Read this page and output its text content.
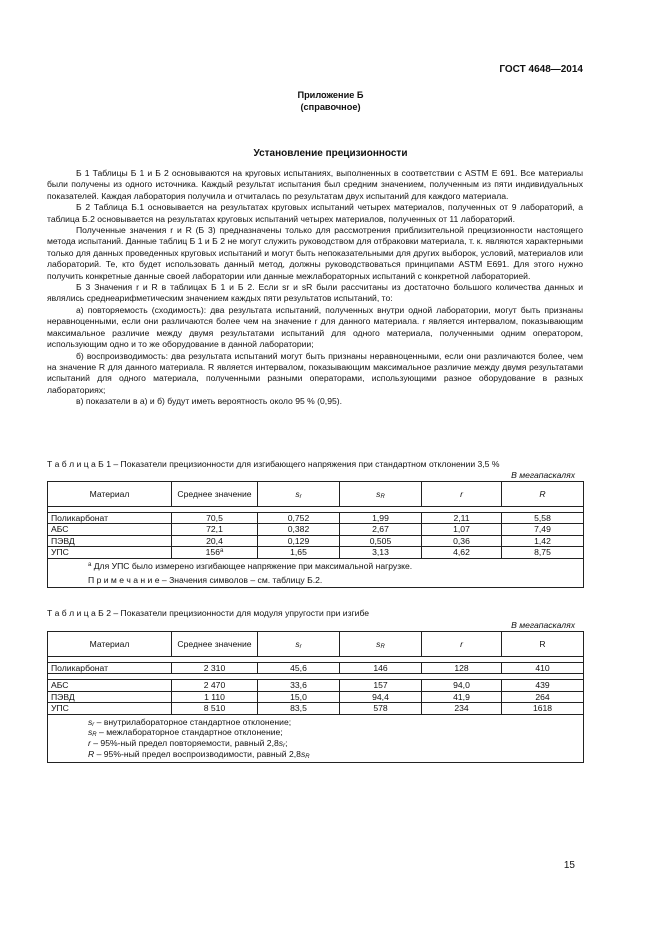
ГОСТ 4648—2014
Приложение Б
(справочное)
Установление прецизионности

Б 1 Таблицы Б 1 и Б 2 основываются на круговых испытаниях, выполненных в соответствии с ASTM Е 691. Все материалы были получены из одного источника. Каждый результат испытания был средним значением, полученным из пяти индивидуальных показателей. Каждая лаборатория получила и отчиталась по результатам двух испытаний для каждого материала.

Б 2 Таблица Б.1 основывается на результатах круговых испытаний четырех материалов, полученных от 9 лабораторий, а таблица Б.2 основывается на результатах круговых испытаний четырех материалов, полученных от 11 лабораторий.

Полученные значения r и R (Б 3) предназначены только для рассмотрения приблизительной прецизионности настоящего метода испытаний. Данные таблиц Б 1 и Б 2 не могут служить руководством для отбраковки материала, т. к. являются характерными только для данных проведенных круговых испытаний и могут быть непоказательными для других выборок, условий, материалов или лабораторий. Те, кто будет использовать данный метод, должны руководствоваться принципами ASTM Е691. Для этого нужно получить конкретные данные своей лаборатории или данные межлабораторных испытаний с конкретной лабораторией.

Б 3 Значения r и R в таблицах Б 1 и Б 2. Если sr и sR были рассчитаны из достаточно большого количества данных и являлись среднеарифметическим значением каждых пяти результатов испытаний, то:

а) повторяемость (сходимость): два результата испытаний, полученных внутри одной лаборатории, могут быть признаны неравноценными, если они различаются более чем на значение r для данного материала. r является интервалом, показывающим максимальное различие между двумя результатами испытаний для одного материала, полученными одним оператором, использующим одно и то же оборудование в данной лаборатории;

б) воспроизводимость: два результата испытаний могут быть признаны неравноценными, если они различаются более, чем на значение R для данного материала. R является интервалом, показывающим максимальное различие между двумя результатами испытаний для одного материала, полученными разными операторами, использующими разное оборудование в разных лабораториях;

в) показатели в а) и б) будут иметь вероятность около 95 % (0,95).

Т а б л и ц а Б 1 – Показатели прецизионности для изгибающего напряжения при стандартном отклонении 3,5 %
В мегапаскалях
Материал	Среднее значение	$s_r$	$s_R$	r	R

Поликарбонат	70,5	0,752	1,99	2,11	5,58
АБС	72,1	0,382	2,67	1,07	7,49
ПЭВД	20,4	0,129	0,505	0,36	1,42
УПС	156$^a$	1,65	3,13	4,62	8,75

$^а$ Для УПС было измерено изгибающее напряжение при максимальной нагрузке.
П р и м е ч а н и е – Значения символов – см. таблицу Б.2.					
Т а б л и ц а Б 2 – Показатели прецизионности для модуля упругости при изгибе
В мегапаскалях
Материал	Среднее значение	$s_r$	$s_R$	r	R

Поликарбонат	2 310	45,6	146	128	410

АБС	2 470	33,6	157	94,0	439
ПЭВД	1 110	15,0	94,4	41,9	264
УПС	8 510	83,5	578	234	1618

$s_r$ – внутрилабораторное стандартное отклонение;
$s_R$ – межлабораторное стандартное отклонение;
r – 95%-ный предел повторяемости, равный $2,8s_r$;
R – 95%-ный предел воспроизводимости, равный $2,8s_R$
15
